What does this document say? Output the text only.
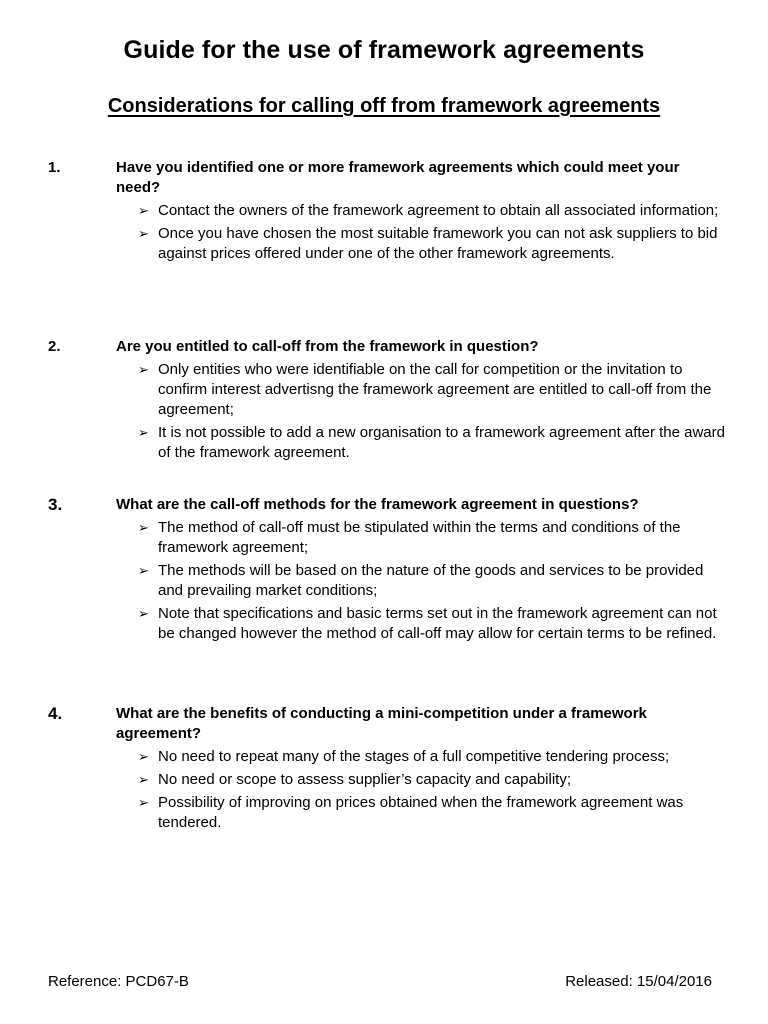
Guide for the use of framework agreements
Considerations for calling off from framework agreements
1.	Have you identified one or more framework agreements which could meet your need?
➢ Contact the owners of the framework agreement to obtain all associated information;
➢ Once you have chosen the most suitable framework you can not ask suppliers to bid against prices offered under one of the other framework agreements.
2.	Are you entitled to call-off from the framework in question?
➢ Only entities who were identifiable on the call for competition or the invitation to confirm interest advertisng the framework agreement are entitled to call-off from the agreement;
➢ It is not possible to add a new organisation to a framework agreement after the award of the framework agreement.
3.	What are the call-off methods for the framework agreement in questions?
➢ The method of call-off must be stipulated within the terms and conditions of the framework agreement;
➢ The methods will be based on the nature of the goods and services to be provided and prevailing market conditions;
➢ Note that specifications and basic terms set out in the framework agreement can not be changed however the method of call-off may allow for certain terms to be refined.
4.	What are the benefits of conducting a mini-competition under a framework agreement?
➢ No need to repeat many of the stages of a full competitive tendering process;
➢ No need or scope to assess supplier’s capacity and capability;
➢ Possibility of improving on prices obtained when the framework agreement was tendered.
Reference: PCD67-B	Released: 15/04/2016
